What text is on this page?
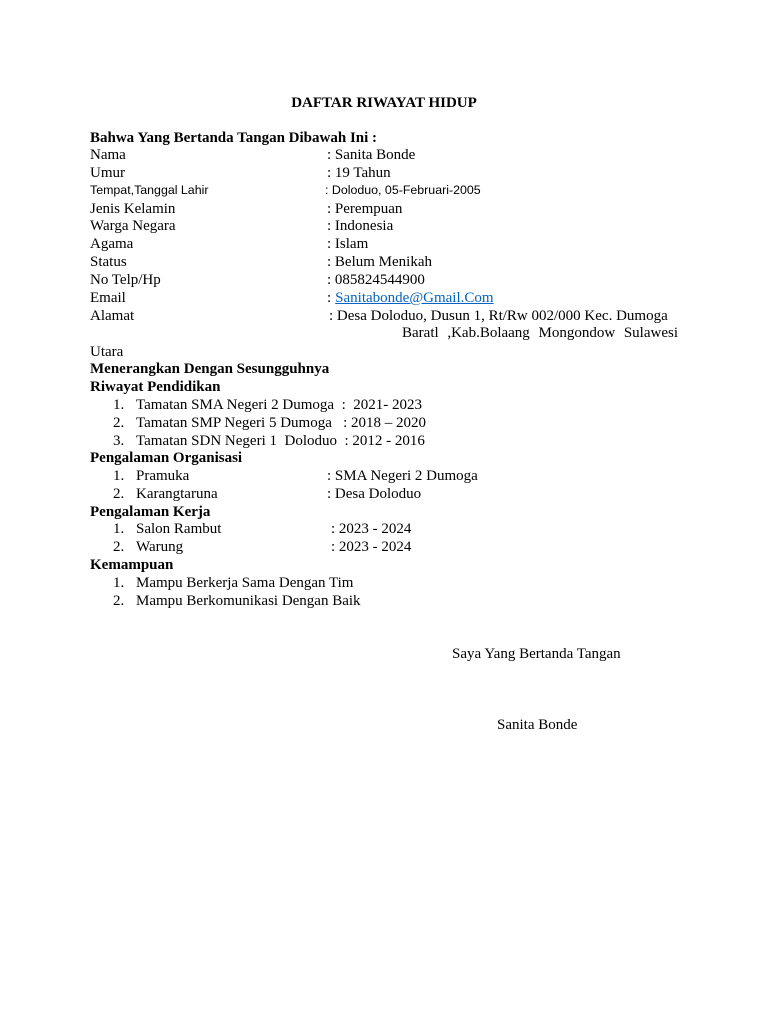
DAFTAR RIWAYAT HIDUP
Bahwa Yang Bertanda Tangan Dibawah Ini :
Nama	: Sanita Bonde
Umur	: 19 Tahun
Tempat,Tanggal Lahir	: Doloduo, 05-Februari-2005
Jenis Kelamin	: Perempuan
Warga Negara	: Indonesia
Agama	: Islam
Status	: Belum Menikah
No Telp/Hp	: 085824544900
Email	: Sanitabonde@Gmail.Com
Alamat	: Desa Doloduo, Dusun 1, Rt/Rw 002/000 Kec. Dumoga
Baratl ,Kab.Bolaang Mongondow Sulawesi
Utara
Menerangkan Dengan Sesungguhnya
Riwayat Pendidikan
1. Tamatan SMA Negeri 2 Dumoga  :  2021- 2023
2. Tamatan SMP Negeri 5 Dumoga   : 2018 – 2020
3. Tamatan SDN Negeri 1  Doloduo  : 2012 - 2016
Pengalaman Organisasi
1. Pramuka	: SMA Negeri 2 Dumoga
2. Karangtaruna	: Desa Doloduo
Pengalaman Kerja
1. Salon Rambut	: 2023 - 2024
2. Warung	: 2023 - 2024
Kemampuan
1. Mampu Berkerja Sama Dengan Tim
2. Mampu Berkomunikasi Dengan Baik
Saya Yang Bertanda Tangan
Sanita Bonde
